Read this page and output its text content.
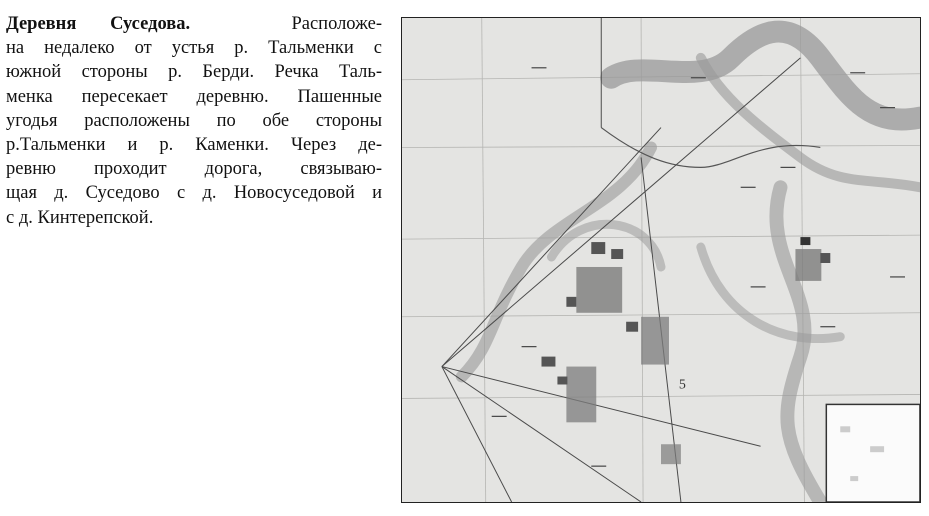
Деревня Суседова.	Расположе-
на недалеко от устья р. Тальменки с
южной стороны р. Берди. Речка Таль-
менка пересекает деревню. Пашенные
угодья расположены по обе стороны
р.Тальменки и р. Каменки. Через де-
ревню проходит дорога, связываю-
щая д. Суседово с д. Новосуседовой и
с д. Кинтерепской.
5
